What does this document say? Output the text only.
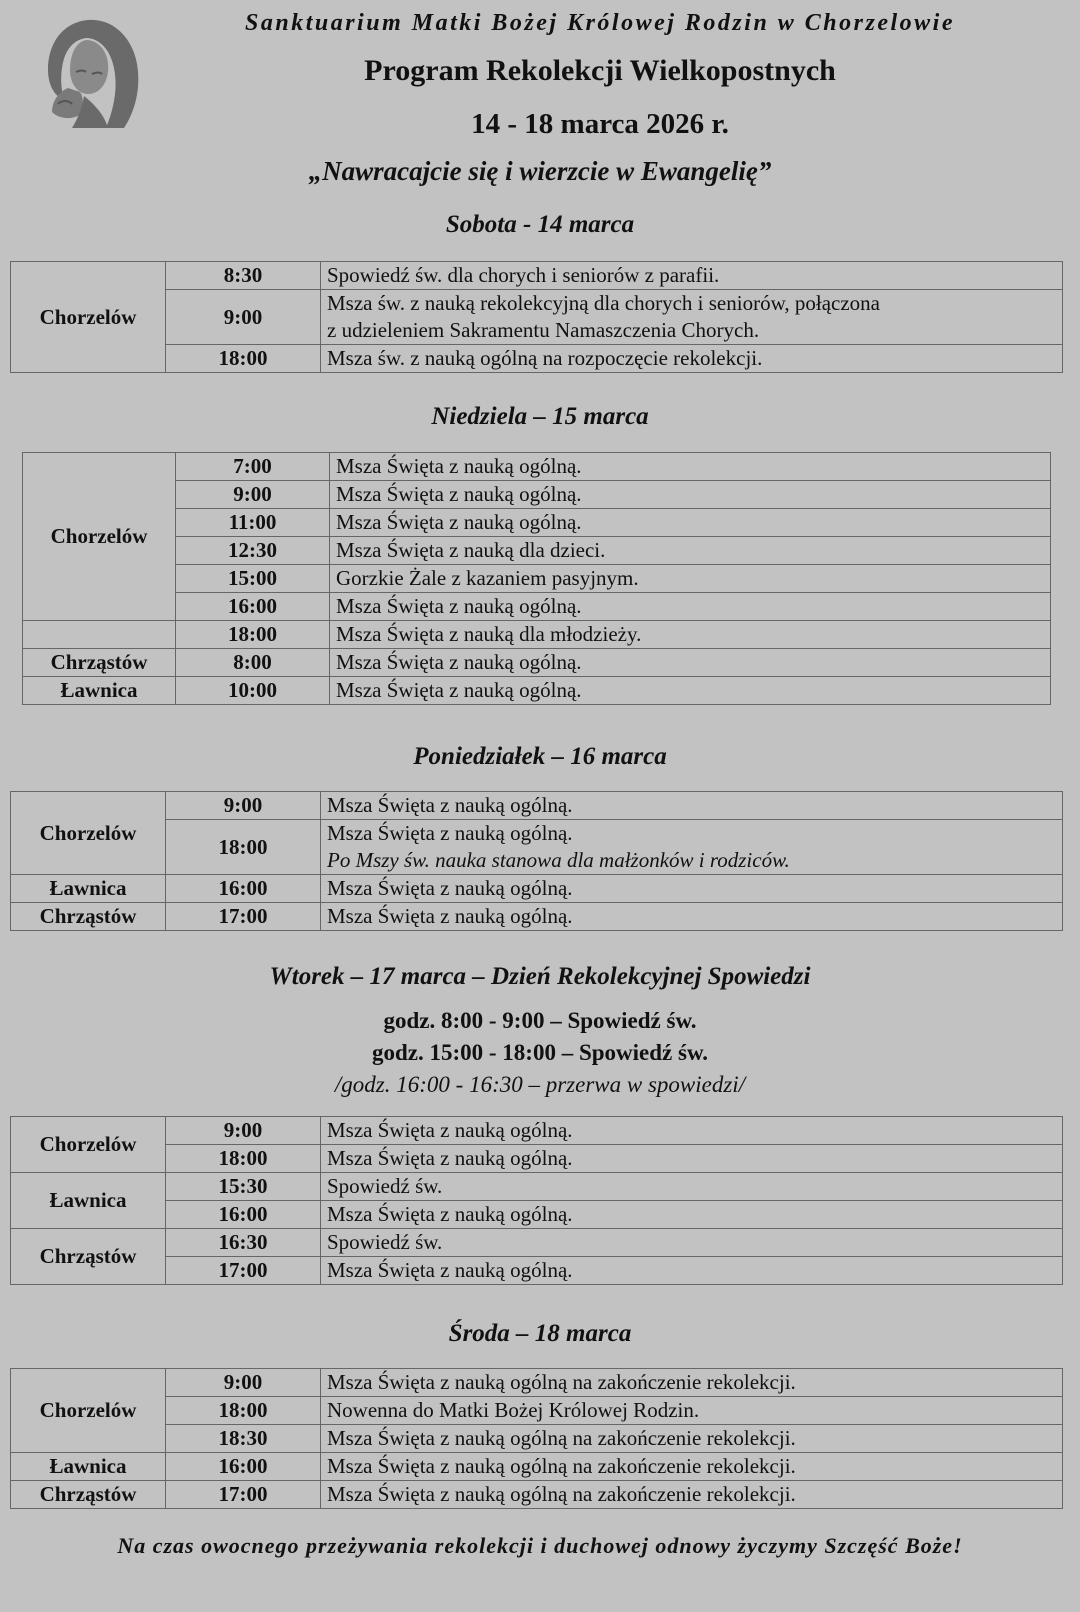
Sanktuarium Matki Bożej Królowej Rodzin w Chorzelowie

Program Rekolekcji Wielkopostnych

14 - 18 marca 2026 r.

„Nawracajcie się i wierzcie w Ewangelię”

Sobota - 14 marca

Chorzelów	8:30	Spowiedź św. dla chorych i seniorów z parafii.
	9:00	Msza św. z nauką rekolekcyjną dla chorych i seniorów, połączona
z udzieleniem Sakramentu Namaszczenia Chorych.

	18:00	Msza św. z nauką ogólną na rozpoczęcie rekolekcji.

Niedziela – 15 marca

Chorzelów	7:00	Msza Święta z nauką ogólną.
	9:00	Msza Święta z nauką ogólną.
	11:00	Msza Święta z nauką ogólną.
	12:30	Msza Święta z nauką dla dzieci.
	15:00	Gorzkie Żale z kazaniem pasyjnym.
	16:00	Msza Święta z nauką ogólną.
	18:00	Msza Święta z nauką dla młodzieży.
Chrząstów	8:00	Msza Święta z nauką ogólną.
Ławnica	10:00	Msza Święta z nauką ogólną.

Poniedziałek – 16 marca

Chorzelów	9:00	Msza Święta z nauką ogólną.
	18:00	Msza Święta z nauką ogólną.
Po Mszy św. nauka stanowa dla małżonków i rodziców.

Ławnica	16:00	Msza Święta z nauką ogólną.
Chrząstów	17:00	Msza Święta z nauką ogólną.

Wtorek – 17 marca – Dzień Rekolekcyjnej Spowiedzi

godz. 8:00 - 9:00 – Spowiedź św.

godz. 15:00 - 18:00 – Spowiedź św.

/godz. 16:00 - 16:30 – przerwa w spowiedzi/

Chorzelów	9:00	Msza Święta z nauką ogólną.
	18:00	Msza Święta z nauką ogólną.
Ławnica	15:30	Spowiedź św.
	16:00	Msza Święta z nauką ogólną.
Chrząstów	16:30	Spowiedź św.
	17:00	Msza Święta z nauką ogólną.

Środa – 18 marca

Chorzelów	9:00	Msza Święta z nauką ogólną na zakończenie rekolekcji.
	18:00	Nowenna do Matki Bożej Królowej Rodzin.
	18:30	Msza Święta z nauką ogólną na zakończenie rekolekcji.
Ławnica	16:00	Msza Święta z nauką ogólną na zakończenie rekolekcji.
Chrząstów	17:00	Msza Święta z nauką ogólną na zakończenie rekolekcji.

Na czas owocnego przeżywania rekolekcji i duchowej odnowy życzymy Szczęść Boże!
